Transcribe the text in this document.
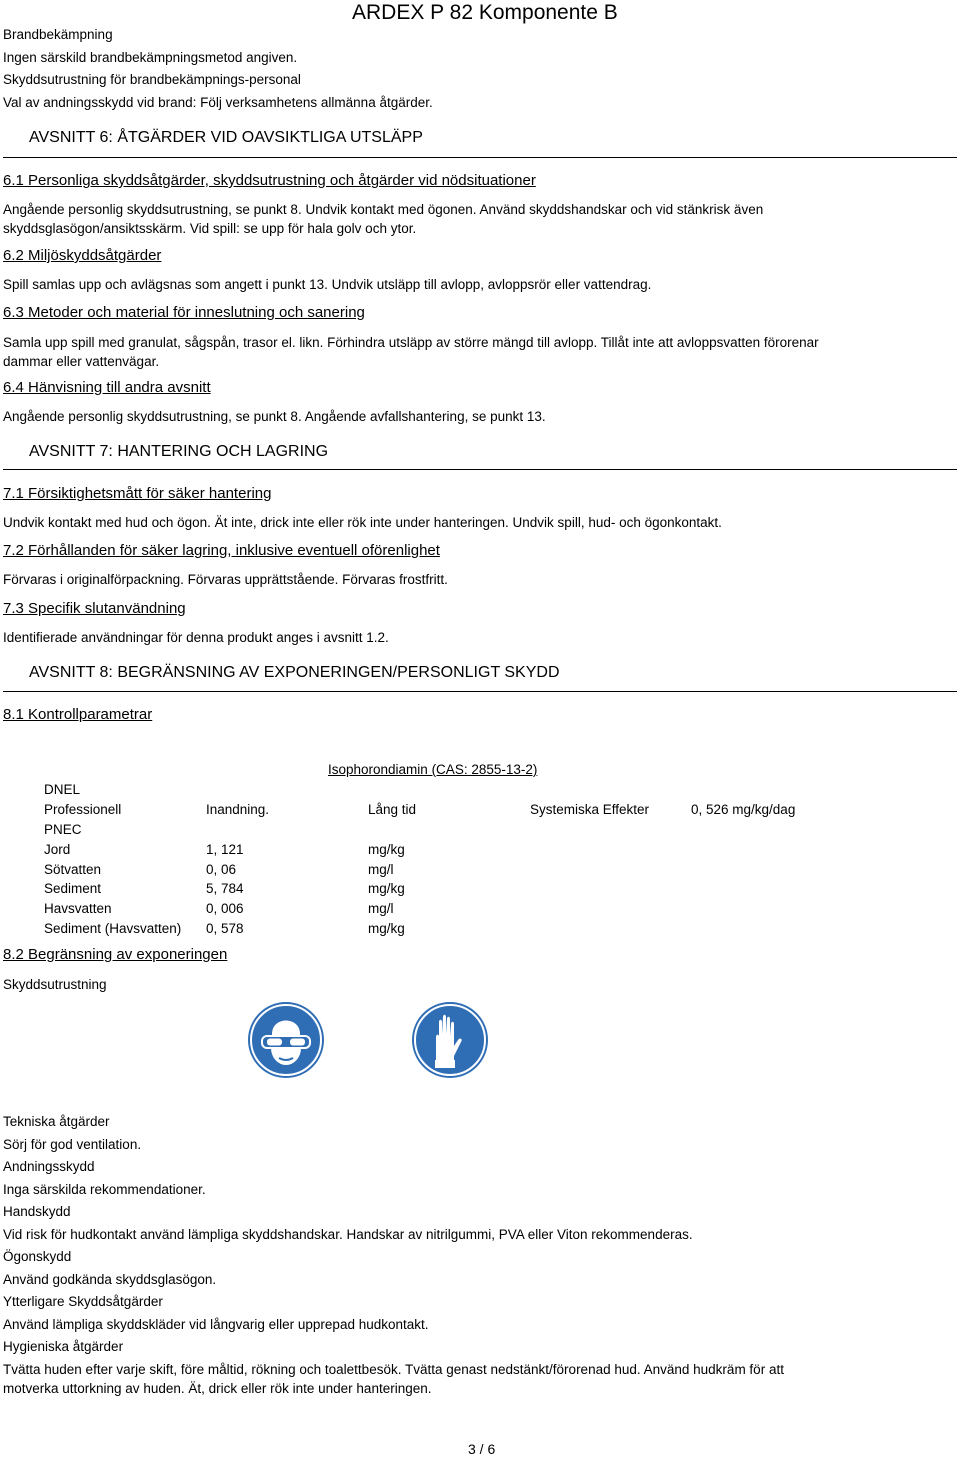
ARDEX P 82 Komponente B
Brandbekämpning
Ingen särskild brandbekämpningsmetod angiven.
Skyddsutrustning för brandbekämpnings-personal
Val av andningsskydd vid brand: Följ verksamhetens allmänna åtgärder.
AVSNITT 6: ÅTGÄRDER VID OAVSIKTLIGA UTSLÄPP
6.1 Personliga skyddsåtgärder, skyddsutrustning och åtgärder vid nödsituationer
Angående personlig skyddsutrustning, se punkt 8. Undvik kontakt med ögonen. Använd skyddshandskar och vid stänkrisk även
skyddsglasögon/ansiktsskärm. Vid spill: se upp för hala golv och ytor.
6.2 Miljöskyddsåtgärder
Spill samlas upp och avlägsnas som angett i punkt 13. Undvik utsläpp till avlopp, avloppsrör eller vattendrag.
6.3 Metoder och material för inneslutning och sanering
Samla upp spill med granulat, sågspån, trasor el. likn. Förhindra utsläpp av större mängd till avlopp. Tillåt inte att avloppsvatten förorenar
dammar eller vattenvägar.
6.4 Hänvisning till andra avsnitt
Angående personlig skyddsutrustning, se punkt 8. Angående avfallshantering, se punkt 13.
AVSNITT 7: HANTERING OCH LAGRING
7.1 Försiktighetsmått för säker hantering
Undvik kontakt med hud och ögon. Ät inte, drick inte eller rök inte under hanteringen. Undvik spill, hud- och ögonkontakt.
7.2 Förhållanden för säker lagring, inklusive eventuell oförenlighet
Förvaras i originalförpackning. Förvaras upprättstående. Förvaras frostfritt.
7.3 Specifik slutanvändning
Identifierade användningar för denna produkt anges i avsnitt 1.2.
AVSNITT 8: BEGRÄNSNING AV EXPONERINGEN/PERSONLIGT SKYDD
8.1 Kontrollparametrar
Isophorondiamin (CAS: 2855-13-2)
DNEL
Professionell	Inandning.	Lång tid	Systemiska Effekter	0, 526 mg/kg/dag
PNEC
Jord	1, 121	mg/kg
Sötvatten	0, 06	mg/l
Sediment	5, 784	mg/kg
Havsvatten	0, 006	mg/l
Sediment (Havsvatten) 0, 578	mg/kg
8.2 Begränsning av exponeringen
Skyddsutrustning
Tekniska åtgärder
Sörj för god ventilation.
Andningsskydd
Inga särskilda rekommendationer.
Handskydd
Vid risk för hudkontakt använd lämpliga skyddshandskar. Handskar av nitrilgummi, PVA eller Viton rekommenderas.
Ögonskydd
Använd godkända skyddsglasögon.
Ytterligare Skyddsåtgärder
Använd lämpliga skyddskläder vid långvarig eller upprepad hudkontakt.
Hygieniska åtgärder
Tvätta huden efter varje skift, före måltid, rökning och toalettbesök. Tvätta genast nedstänkt/förorenad hud. Använd hudkräm för att
motverka uttorkning av huden. Ät, drick eller rök inte under hanteringen.
3 / 6
